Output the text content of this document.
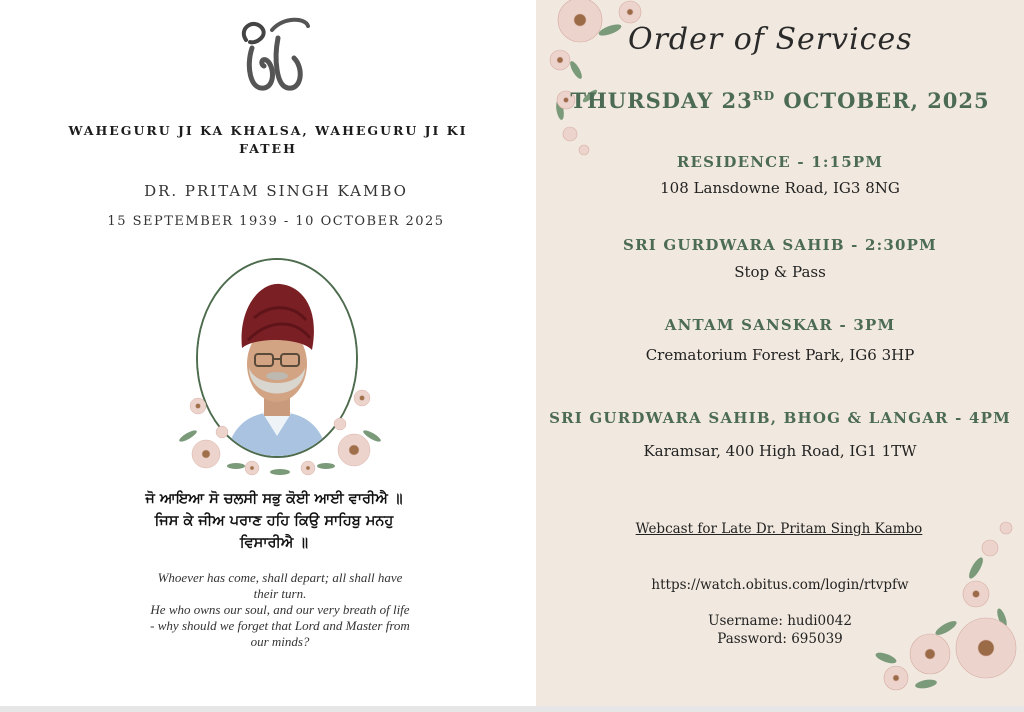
WAHEGURU JI KA KHALSA, WAHEGURU JI KI FATEH
DR. PRITAM SINGH KAMBO
15 SEPTEMBER 1939 - 10 OCTOBER 2025
ਜੋ ਆਇਆ ਸੋ ਚਲਸੀ ਸਭੁ ਕੋਈ ਆਈ ਵਾਰੀਐ ॥
ਜਿਸ ਕੇ ਜੀਅ ਪਰਾਣ ਹਹਿ ਕਿਉ ਸਾਹਿਬੁ ਮਨਹੁ
ਵਿਸਾਰੀਐ ॥
Whoever has come, shall depart; all shall have
their turn.
He who owns our soul, and our very breath of life
- why should we forget that Lord and Master from
our minds?
Order of Services
THURSDAY 23RD OCTOBER, 2025
RESIDENCE - 1:15PM
108 Lansdowne Road, IG3 8NG
SRI GURDWARA SAHIB - 2:30PM
Stop & Pass
ANTAM SANSKAR - 3PM
Crematorium Forest Park, IG6 3HP
SRI GURDWARA SAHIB, BHOG & LANGAR - 4PM
Karamsar, 400 High Road, IG1 1TW
Webcast for Late Dr. Pritam Singh Kambo
https://watch.obitus.com/login/rtvpfw
Username: hudi0042
Password: 695039
